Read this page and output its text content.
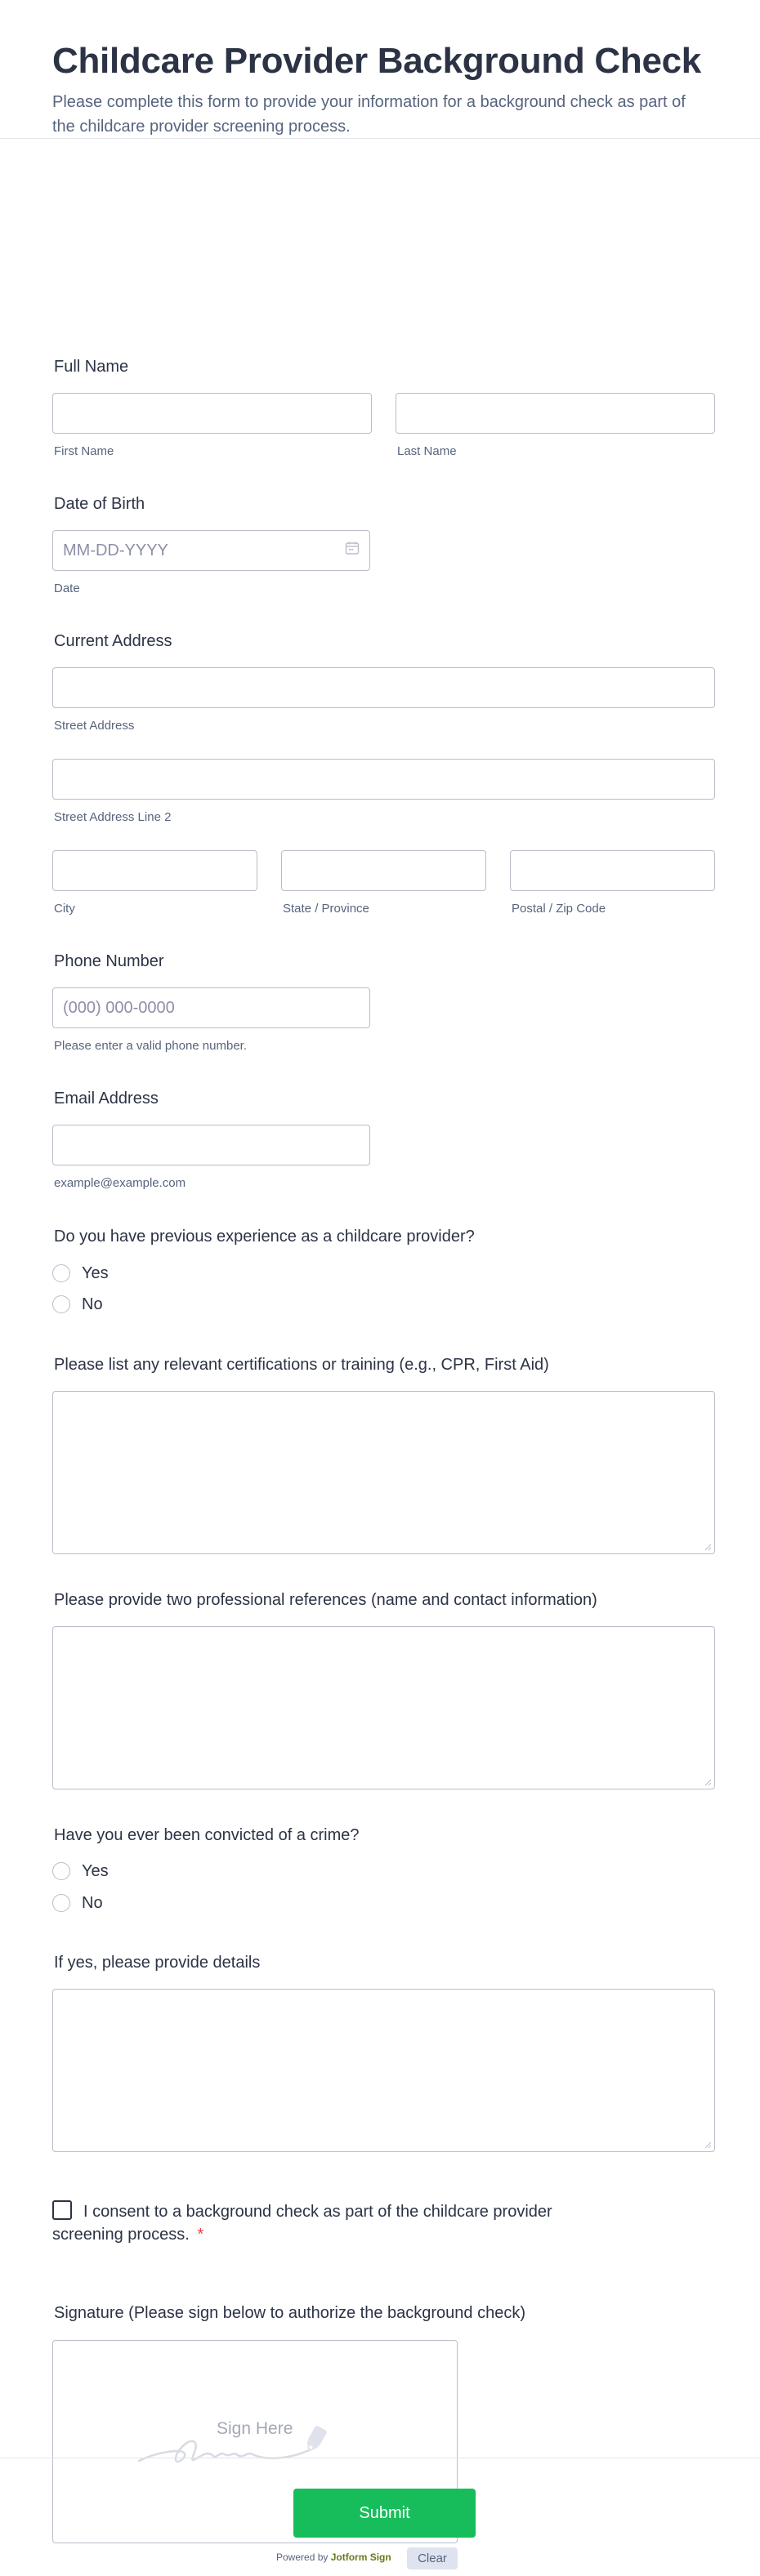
Childcare Provider Background Check

Please complete this form to provide your information for a background check as part of the childcare provider screening process.

Full Name
First Name	Last Name
Date of Birth
MM-DD-YYYY
Date
Current Address
Street Address
Street Address Line 2
City	State / Province	Postal / Zip Code
Phone Number
(000) 000-0000
Please enter a valid phone number.
Email Address
example@example.com
Do you have previous experience as a childcare provider?
Yes
No
Please list any relevant certifications or training (e.g., CPR, First Aid)
Please provide two professional references (name and contact information)
Have you ever been convicted of a crime?
Yes
No
If yes, please provide details
I consent to a background check as part of the childcare provider screening process. *
Signature (Please sign below to authorize the background check)
Sign Here
Powered by Jotform Sign	Clear
Submit
